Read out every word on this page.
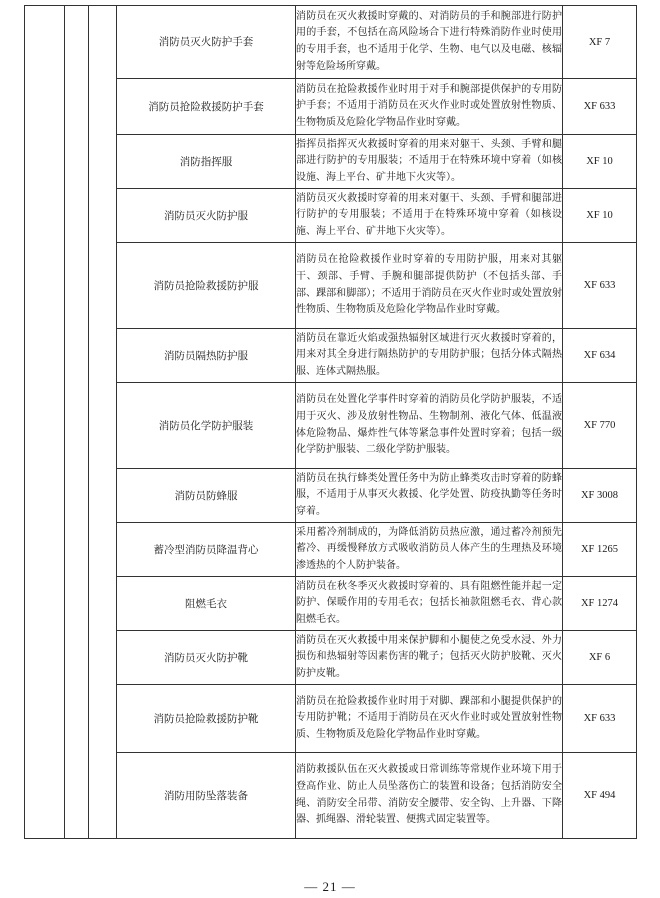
			消防员灭火防护手套	消防员在灭火救援时穿戴的、对消防员的手和腕部进行防护用的手套，不包括在高风险场合下进行特殊消防作业时使用的专用手套，也不适用于化学、生物、电气以及电磁、核辐射等危险场所穿戴。	XF 7
			消防员抢险救援防护手套	消防员在抢险救援作业时用于对手和腕部提供保护的专用防护手套；不适用于消防员在灭火作业时或处置放射性物质、生物物质及危险化学物品作业时穿戴。	XF 633
			消防指挥服	指挥员指挥灭火救援时穿着的用来对躯干、头颈、手臂和腿部进行防护的专用服装；不适用于在特殊环境中穿着（如核设施、海上平台、矿井地下火灾等）。	XF 10
			消防员灭火防护服	消防员灭火救援时穿着的用来对躯干、头颈、手臂和腿部进行防护的专用服装；不适用于在特殊环境中穿着（如核设施、海上平台、矿井地下火灾等）。	XF 10
			消防员抢险救援防护服	消防员在抢险救援作业时穿着的专用防护服，用来对其躯干、颈部、手臂、手腕和腿部提供防护（不包括头部、手部、踝部和脚部）；不适用于消防员在灭火作业时或处置放射性物质、生物物质及危险化学物品作业时穿戴。	XF 633
			消防员隔热防护服	消防员在靠近火焰或强热辐射区域进行灭火救援时穿着的，用来对其全身进行隔热防护的专用防护服；包括分体式隔热服、连体式隔热服。	XF 634
			消防员化学防护服装	消防员在处置化学事件时穿着的消防员化学防护服装，不适用于灭火、涉及放射性物品、生物制剂、液化气体、低温液体危险物品、爆炸性气体等紧急事件处置时穿着；包括一级化学防护服装、二级化学防护服装。	XF 770
			消防员防蜂服	消防员在执行蜂类处置任务中为防止蜂类攻击时穿着的防蜂服，不适用于从事灭火救援、化学处置、防疫执勤等任务时穿着。	XF 3008
			蓄冷型消防员降温背心	采用蓄冷剂制成的，为降低消防员热应激，通过蓄冷剂预先蓄冷、再缓慢释放方式吸收消防员人体产生的生理热及环境渗透热的个人防护装备。	XF 1265
			阻燃毛衣	消防员在秋冬季灭火救援时穿着的、具有阻燃性能并起一定防护、保暖作用的专用毛衣；包括长袖款阻燃毛衣、背心款阻燃毛衣。	XF 1274
			消防员灭火防护靴	消防员在灭火救援中用来保护脚和小腿使之免受水浸、外力损伤和热辐射等因素伤害的靴子；包括灭火防护胶靴、灭火防护皮靴。	XF 6
			消防员抢险救援防护靴	消防员在抢险救援作业时用于对脚、踝部和小腿提供保护的专用防护靴；不适用于消防员在灭火作业时或处置放射性物质、生物物质及危险化学物品作业时穿戴。	XF 633
			消防用防坠落装备	消防救援队伍在灭火救援或日常训练等常规作业环境下用于登高作业、防止人员坠落伤亡的装置和设备；包括消防安全绳、消防安全吊带、消防安全腰带、安全钩、上升器、下降器、抓绳器、滑轮装置、便携式固定装置等。	XF 494
— 21 —
